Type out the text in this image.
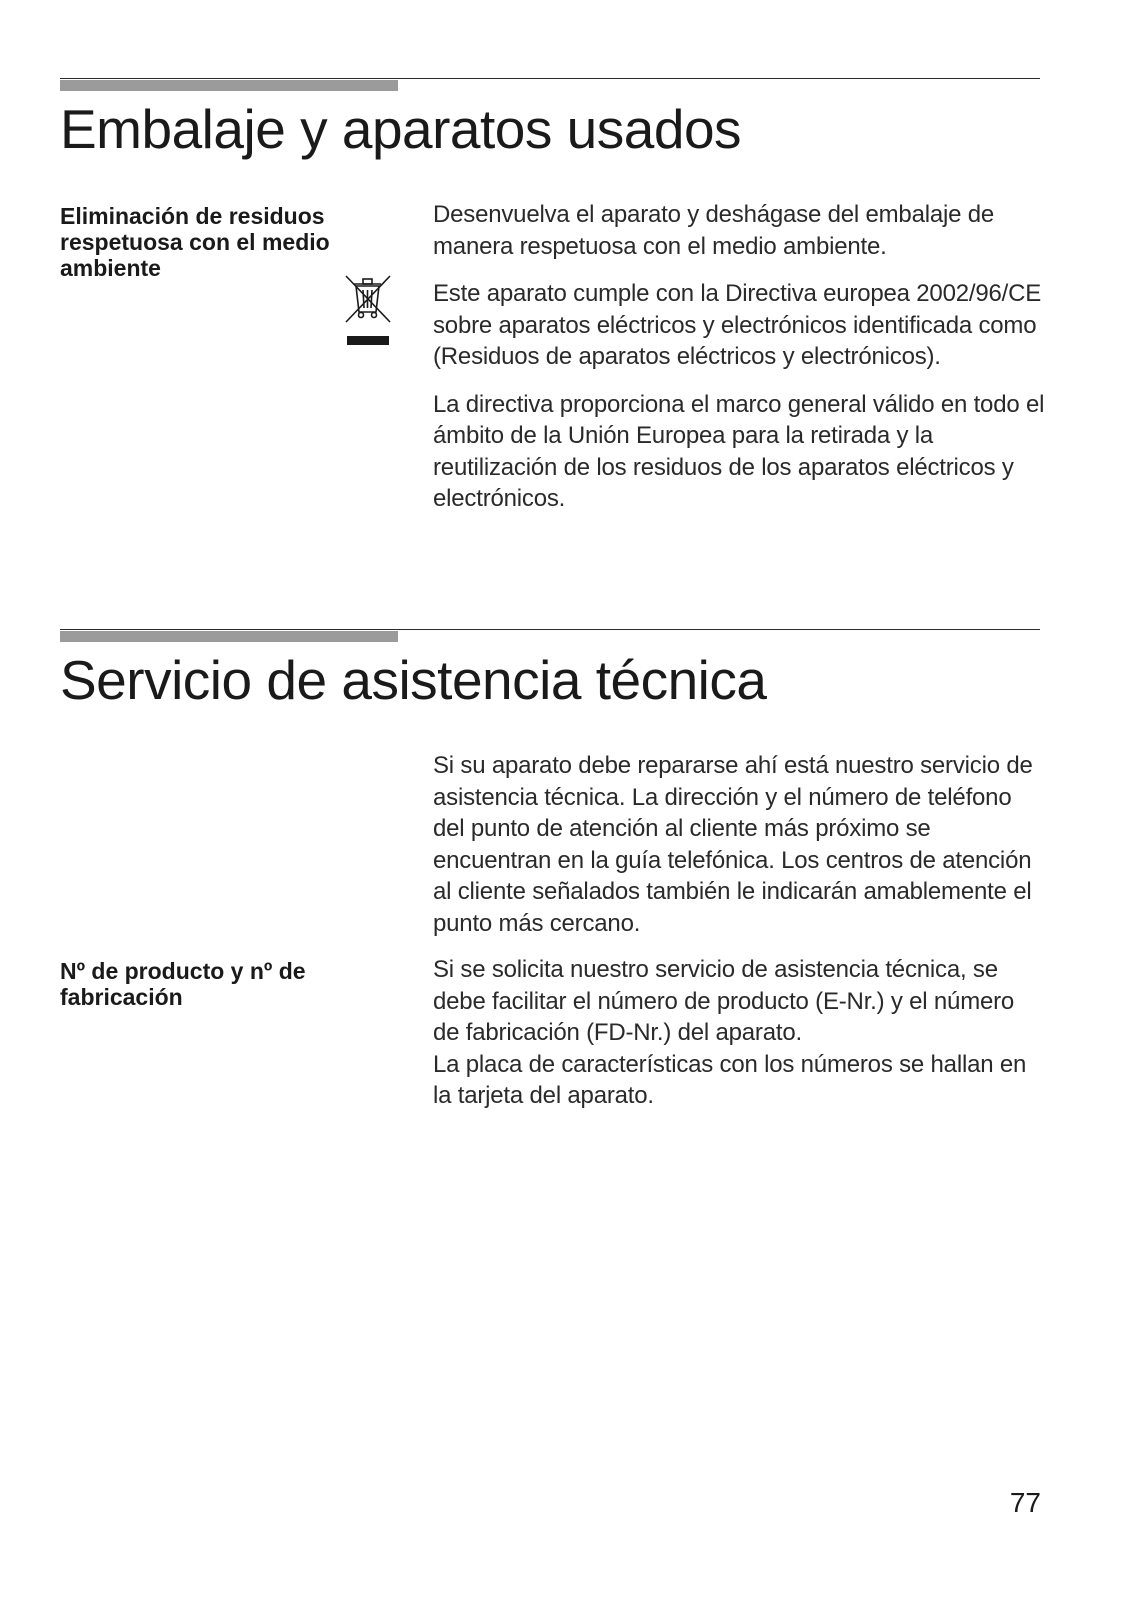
Embalaje y aparatos usados
Eliminación de residuos respetuosa con el medio ambiente

Desenvuelva el aparato y deshágase del embalaje de manera respetuosa con el medio ambiente.

Este aparato cumple con la Directiva europea 2002/96/CE sobre aparatos eléctricos y electrónicos identificada como (Residuos de aparatos eléctricos y electrónicos).

La directiva proporciona el marco general válido en todo el ámbito de la Unión Europea para la retirada y la reutilización de los residuos de los aparatos eléctricos y electrónicos.

Servicio de asistencia técnica

Si su aparato debe repararse ahí está nuestro servicio de asistencia técnica. La dirección y el número de teléfono del punto de atención al cliente más próximo se encuentran en la guía telefónica. Los centros de atención al cliente señalados también le indicarán amablemente el punto más cercano.

Nº de producto y nº de fabricación

Si se solicita nuestro servicio de asistencia técnica, se debe facilitar el número de producto (E-Nr.) y el número de fabricación (FD-Nr.) del aparato.
La placa de características con los números se hallan en la tarjeta del aparato.

77
